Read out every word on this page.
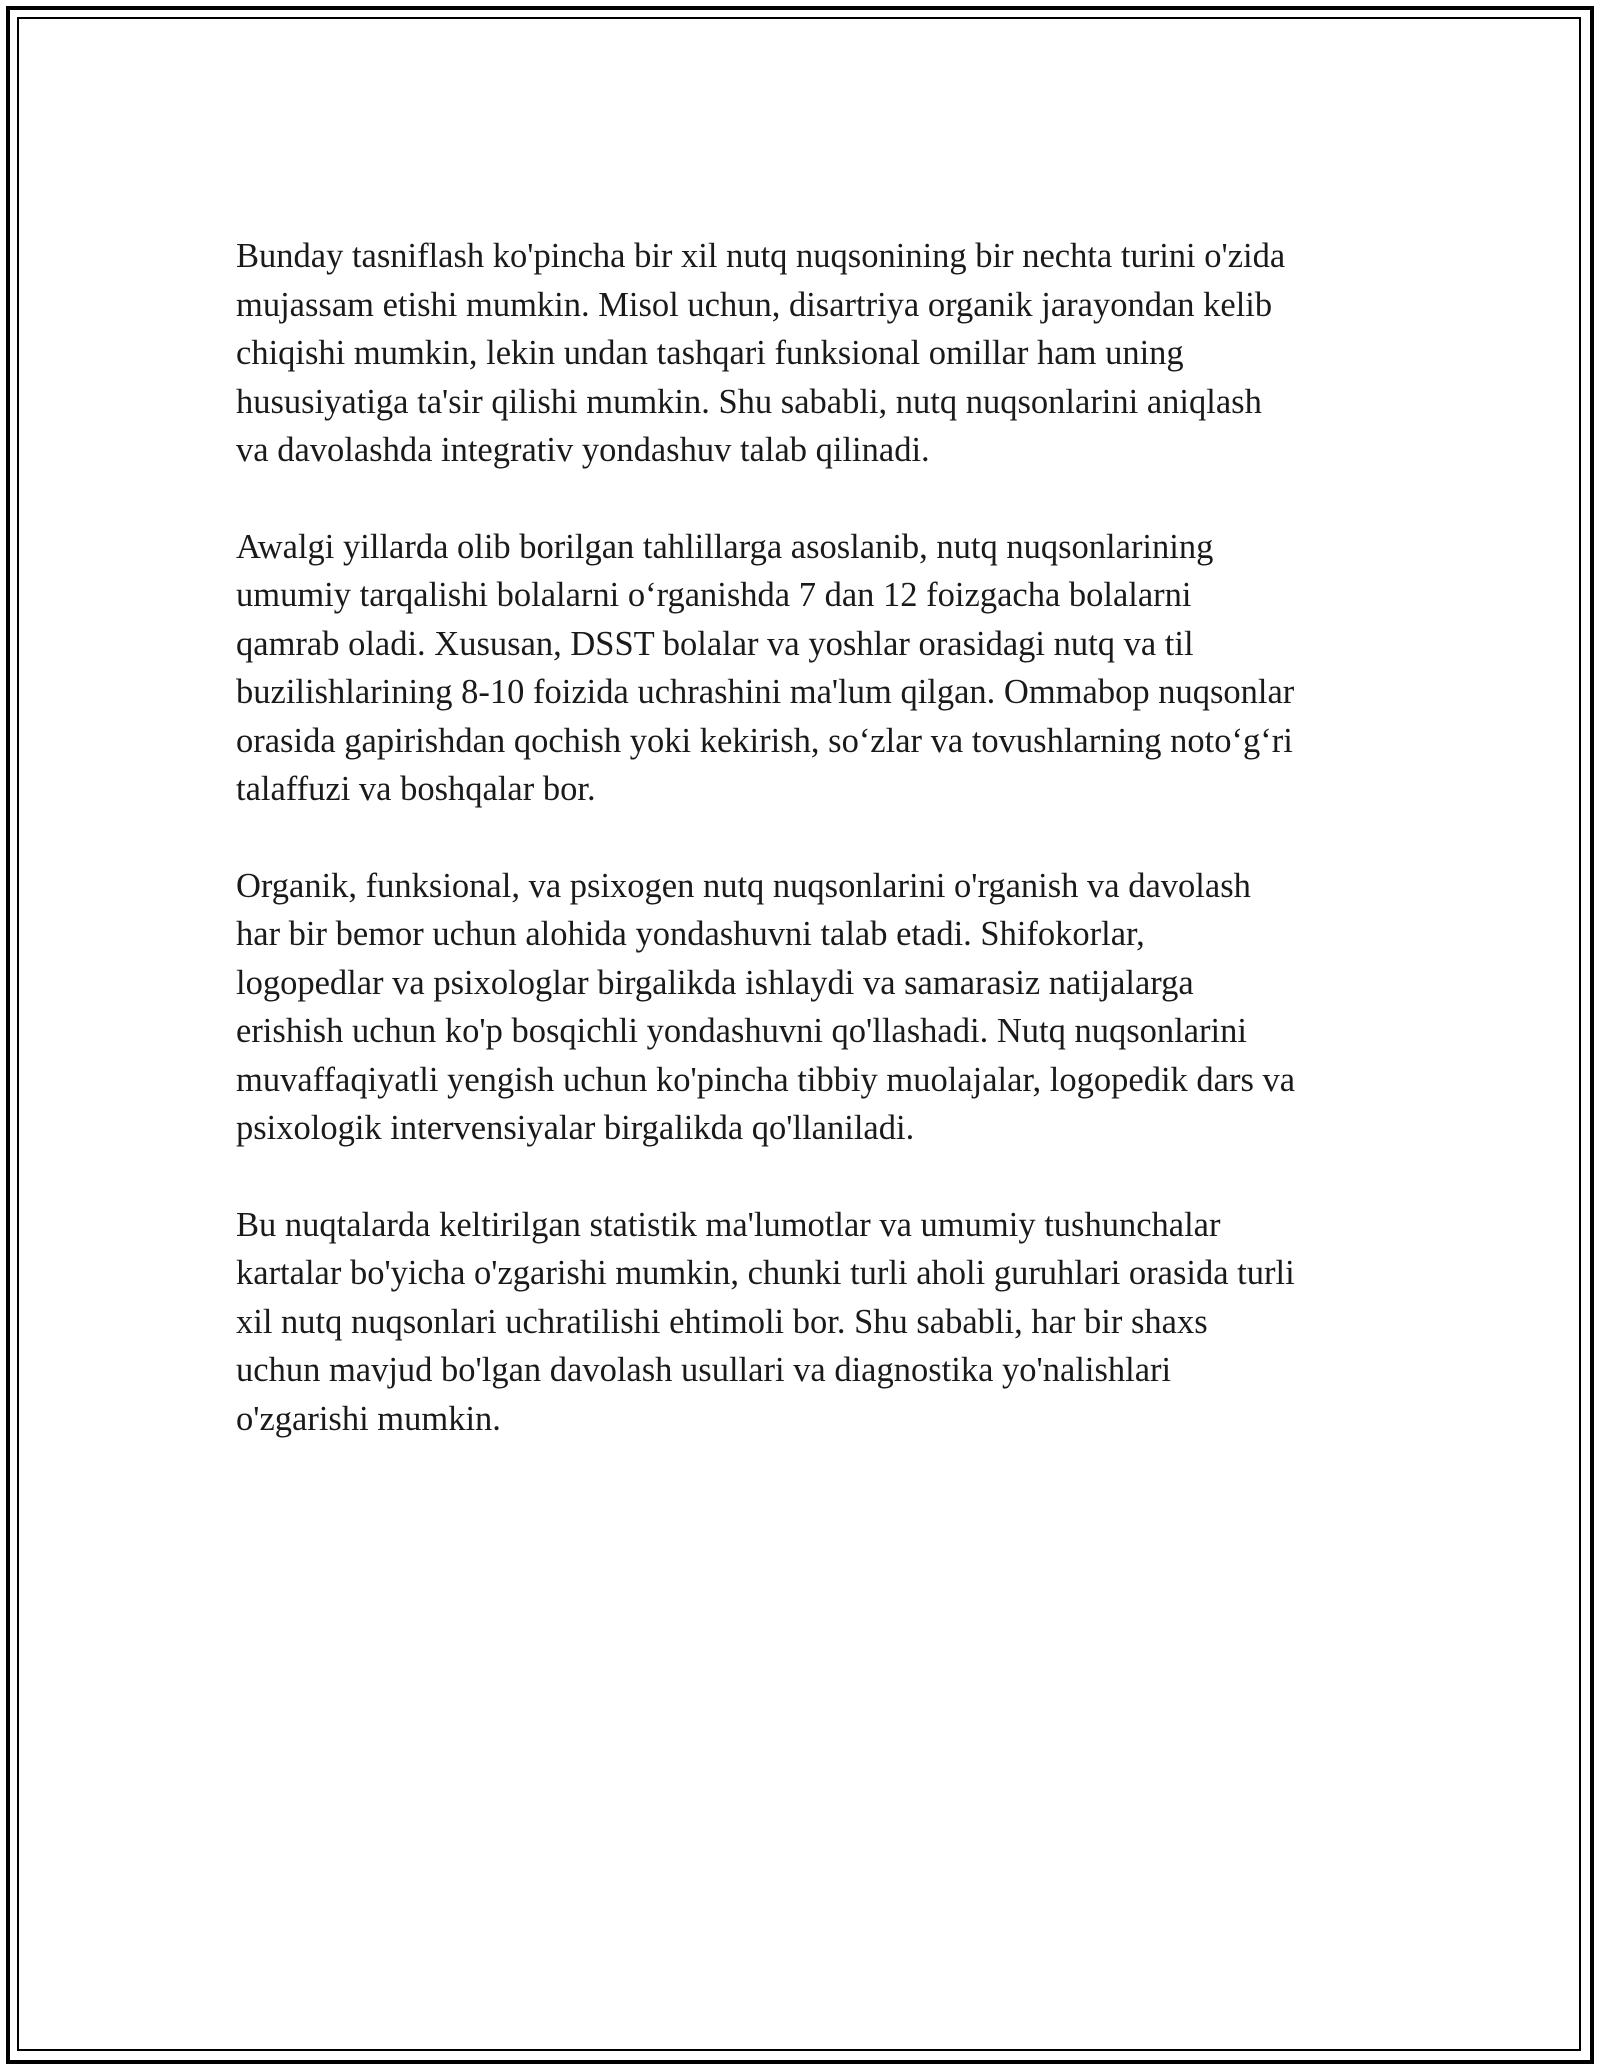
Bunday tasniflash ko'pincha bir xil nutq nuqsonining bir nechta turini o'zida
mujassam etishi mumkin. Misol uchun, disartriya organik jarayondan kelib
chiqishi mumkin, lekin undan tashqari funksional omillar ham uning
hususiyatiga ta'sir qilishi mumkin. Shu sababli, nutq nuqsonlarini aniqlash
va davolashda integrativ yondashuv talab qilinadi.

Awalgi yillarda olib borilgan tahlillarga asoslanib, nutq nuqsonlarining
umumiy tarqalishi bolalarni o‘rganishda 7 dan 12 foizgacha bolalarni
qamrab oladi. Xususan, DSST bolalar va yoshlar orasidagi nutq va til
buzilishlarining 8-10 foizida uchrashini ma'lum qilgan. Ommabop nuqsonlar
orasida gapirishdan qochish yoki kekirish, so‘zlar va tovushlarning noto‘g‘ri
talaffuzi va boshqalar bor.

Organik, funksional, va psixogen nutq nuqsonlarini o'rganish va davolash
har bir bemor uchun alohida yondashuvni talab etadi. Shifokorlar,
logopedlar va psixologlar birgalikda ishlaydi va samarasiz natijalarga
erishish uchun ko'p bosqichli yondashuvni qo'llashadi. Nutq nuqsonlarini
muvaffaqiyatli yengish uchun ko'pincha tibbiy muolajalar, logopedik dars va
psixologik intervensiyalar birgalikda qo'llaniladi.

Bu nuqtalarda keltirilgan statistik ma'lumotlar va umumiy tushunchalar
kartalar bo'yicha o'zgarishi mumkin, chunki turli aholi guruhlari orasida turli
xil nutq nuqsonlari uchratilishi ehtimoli bor. Shu sababli, har bir shaxs
uchun mavjud bo'lgan davolash usullari va diagnostika yo'nalishlari
o'zgarishi mumkin.
